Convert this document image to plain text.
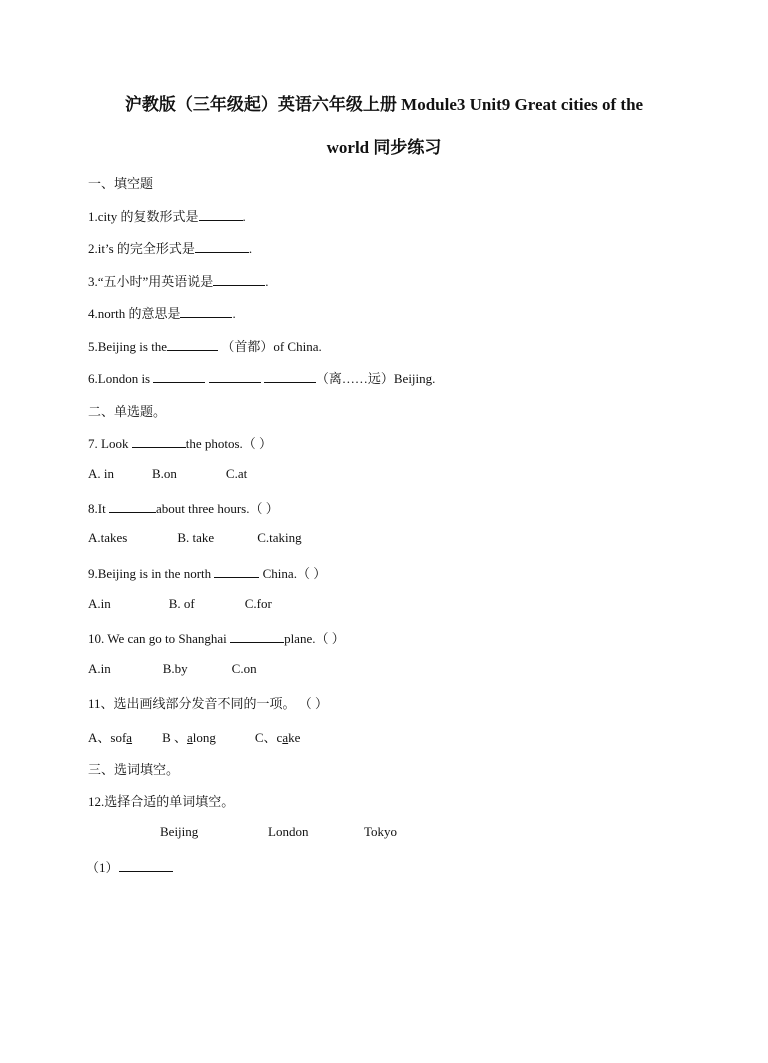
沪教版（三年级起）英语六年级上册 Module3 Unit9 Great cities of the
world 同步练习
一、填空题
1.city 的复数形式是	.
2.it’s 的完全形式是	.
3.“五小时”用英语说是	.
4.north 的意思是	.
5.Beijing is the	（首都）of China.
6.London is	（离……远）Beijing.
二、单选题。
7. Look	the photos.（ ）
A. in	B.on	C.at
8.It	about three hours.（ ）
A.takes	B. take	C.taking
9.Beijing is in the north	China.（ ）
A.in	B. of	C.for
10. We can go to Shanghai	plane.（ ）
A.in	B.by	C.on
11、选出画线部分发音不同的一项。 （ ）
A、sofa B 、along	C、cake
三、选词填空。
12.选择合适的单词填空。
Beijing	London	Tokyo
（1）
